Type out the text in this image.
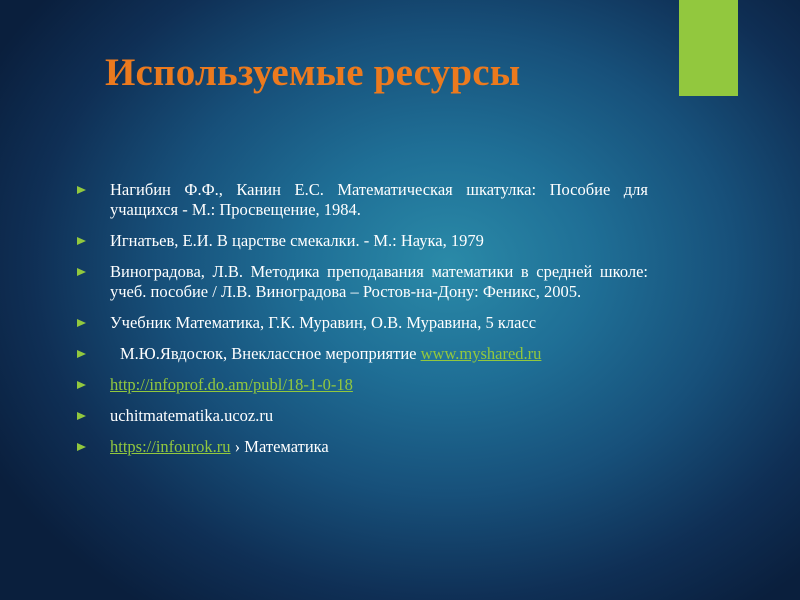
Используемые ресурсы
Нагибин Ф.Ф., Канин Е.С. Математическая шкатулка: Пособие для учащихся - М.: Просвещение, 1984.
Игнатьев, Е.И. В царстве смекалки. - М.: Наука, 1979
Виноградова, Л.В. Методика преподавания математики в средней школе: учеб. пособие / Л.В. Виноградова – Ростов-на-Дону: Феникс, 2005.
Учебник Математика, Г.К. Муравин, О.В. Муравина, 5 класс
М.Ю.Явдосюк, Внеклассное мероприятие www.myshared.ru
http://infoprof.do.am/publ/18-1-0-18
uchitmatematika.ucoz.ru
https://infourok.ru › Математика
